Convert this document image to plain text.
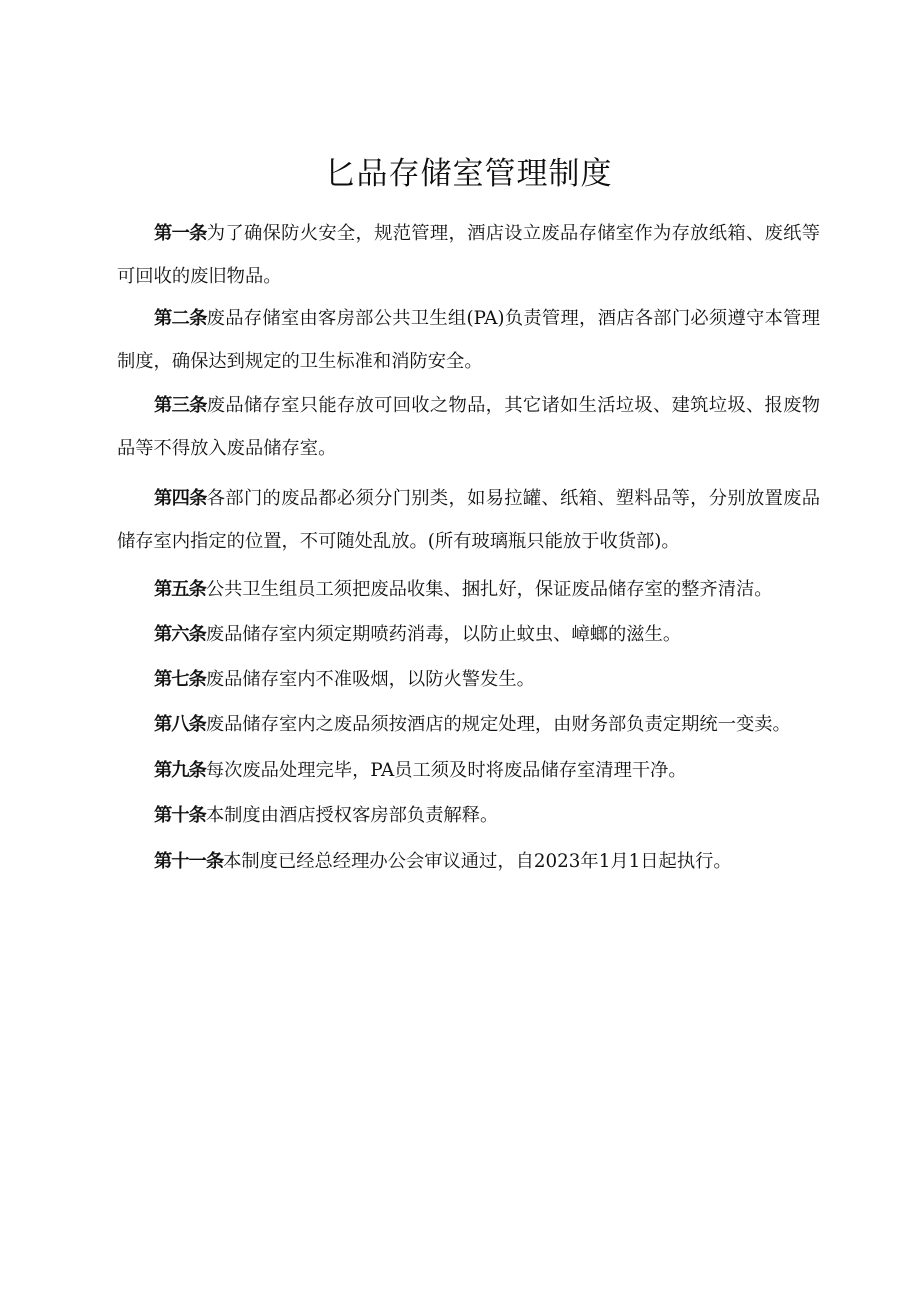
匕品存储室管理制度

第一条为了确保防火安全，规范管理，酒店设立废品存储室作为存放纸箱、废纸等可回收的废旧物品。

第二条废品存储室由客房部公共卫生组(PA)负责管理，酒店各部门必须遵守本管理制度，确保达到规定的卫生标准和消防安全。

第三条废品储存室只能存放可回收之物品，其它诸如生活垃圾、建筑垃圾、报废物品等不得放入废品储存室。

第四条各部门的废品都必须分门别类，如易拉罐、纸箱、塑料品等，分别放置废品储存室内指定的位置，不可随处乱放。(所有玻璃瓶只能放于收货部)。

第五条公共卫生组员工须把废品收集、捆扎好，保证废品储存室的整齐清洁。

第六条废品储存室内须定期喷药消毒，以防止蚊虫、嶂螂的滋生。

第七条废品储存室内不准吸烟，以防火警发生。

第八条废品储存室内之废品须按酒店的规定处理，由财务部负责定期统一变卖。

第九条每次废品处理完毕，PA员工须及时将废品储存室清理干净。

第十条本制度由酒店授权客房部负责解释。

第十一条本制度已经总经理办公会审议通过，自2023年1月1日起执行。
